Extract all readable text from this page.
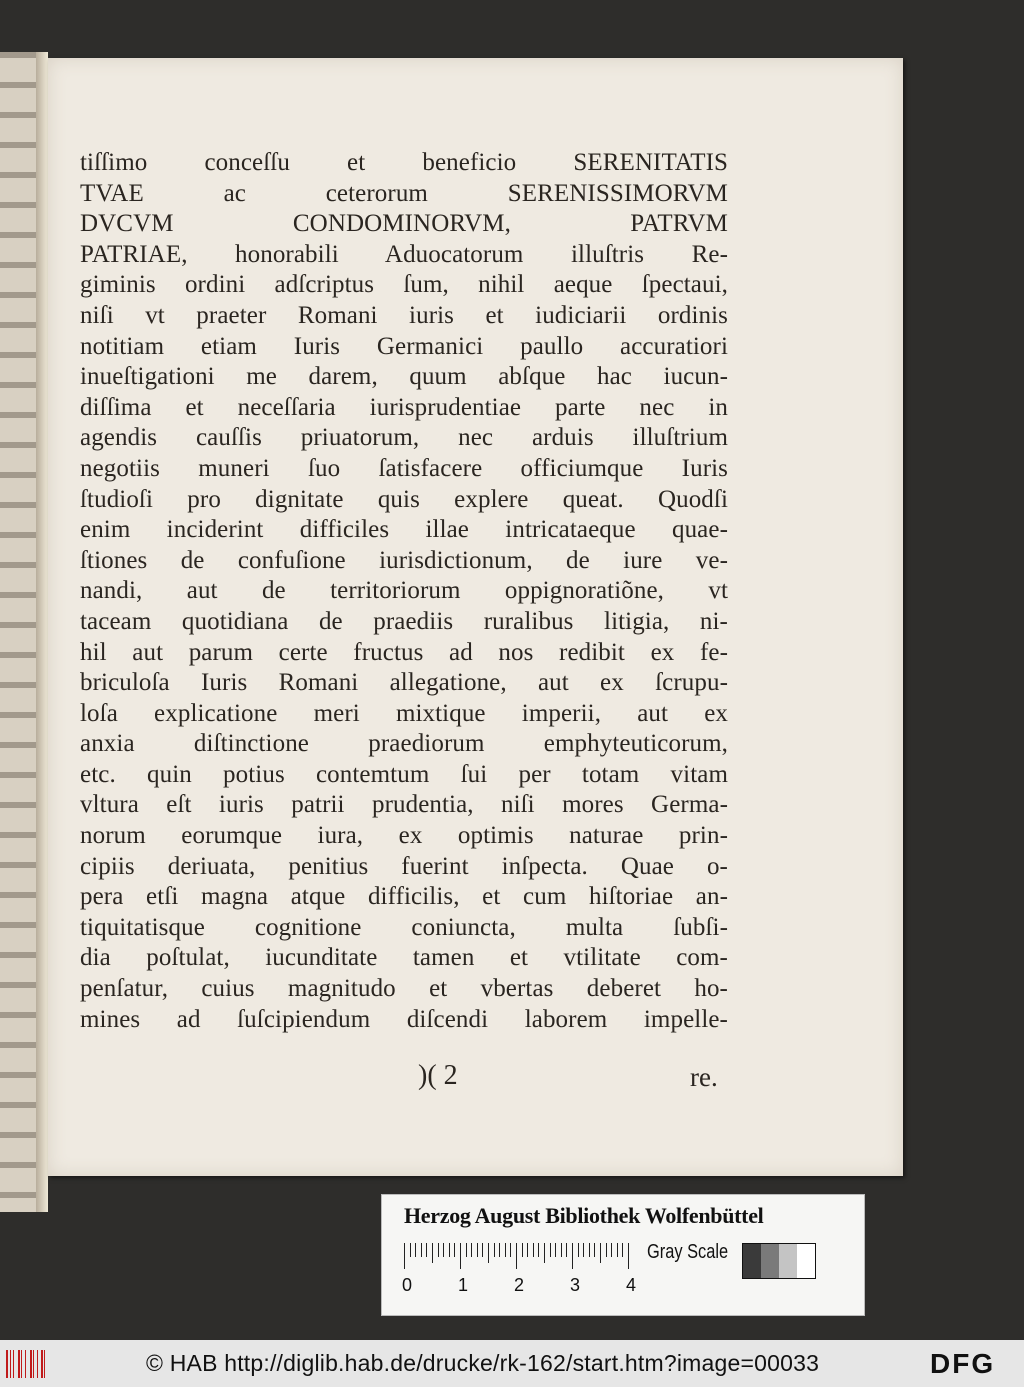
tiſſimo conceſſu et beneficio SERENITATIS
TVAE ac ceterorum SERENISSIMORVM
DVCVM CONDOMINORVM, PATRVM
PATRIAE, honorabili Aduocatorum illuſtris Re-
giminis ordini adſcriptus ſum, nihil aeque ſpectaui,
niſi vt praeter Romani iuris et iudiciarii ordinis
notitiam etiam Iuris Germanici paullo accuratiori
inueſtigationi me darem, quum abſque hac iucun-
diſſima et neceſſaria iurisprudentiae parte nec in
agendis cauſſis priuatorum, nec arduis illuſtrium
negotiis muneri ſuo ſatisfacere officiumque Iuris
ſtudioſi pro dignitate quis explere queat. Quodſi
enim inciderint difficiles illae intricataeque quae-
ſtiones de confuſione iurisdictionum, de iure ve-
nandi, aut de territoriorum oppignoratiõne, vt
taceam quotidiana de praediis ruralibus litigia, ni-
hil aut parum certe fructus ad nos redibit ex fe-
briculoſa Iuris Romani allegatione, aut ex ſcrupu-
loſa explicatione meri mixtique imperii, aut ex
anxia diſtinctione praediorum emphyteuticorum,
etc. quin potius contemtum ſui per totam vitam
vltura eſt iuris patrii prudentia, niſi mores Germa-
norum eorumque iura, ex optimis naturae prin-
cipiis deriuata, penitius fuerint inſpecta. Quae o-
pera etſi magna atque difficilis, et cum hiſtoriae an-
tiquitatisque cognitione coniuncta, multa ſubſi-
dia poſtulat, iucunditate tamen et vtilitate com-
penſatur, cuius magnitudo et vbertas deberet ho-
mines ad ſuſcipiendum diſcendi laborem impelle-
)( 2	re.
Herzog August Bibliothek Wolfenbüttel
0	1	2	3	4
Gray Scale
© HAB http://diglib.hab.de/drucke/rk-162/start.htm?image=00033	DFG
